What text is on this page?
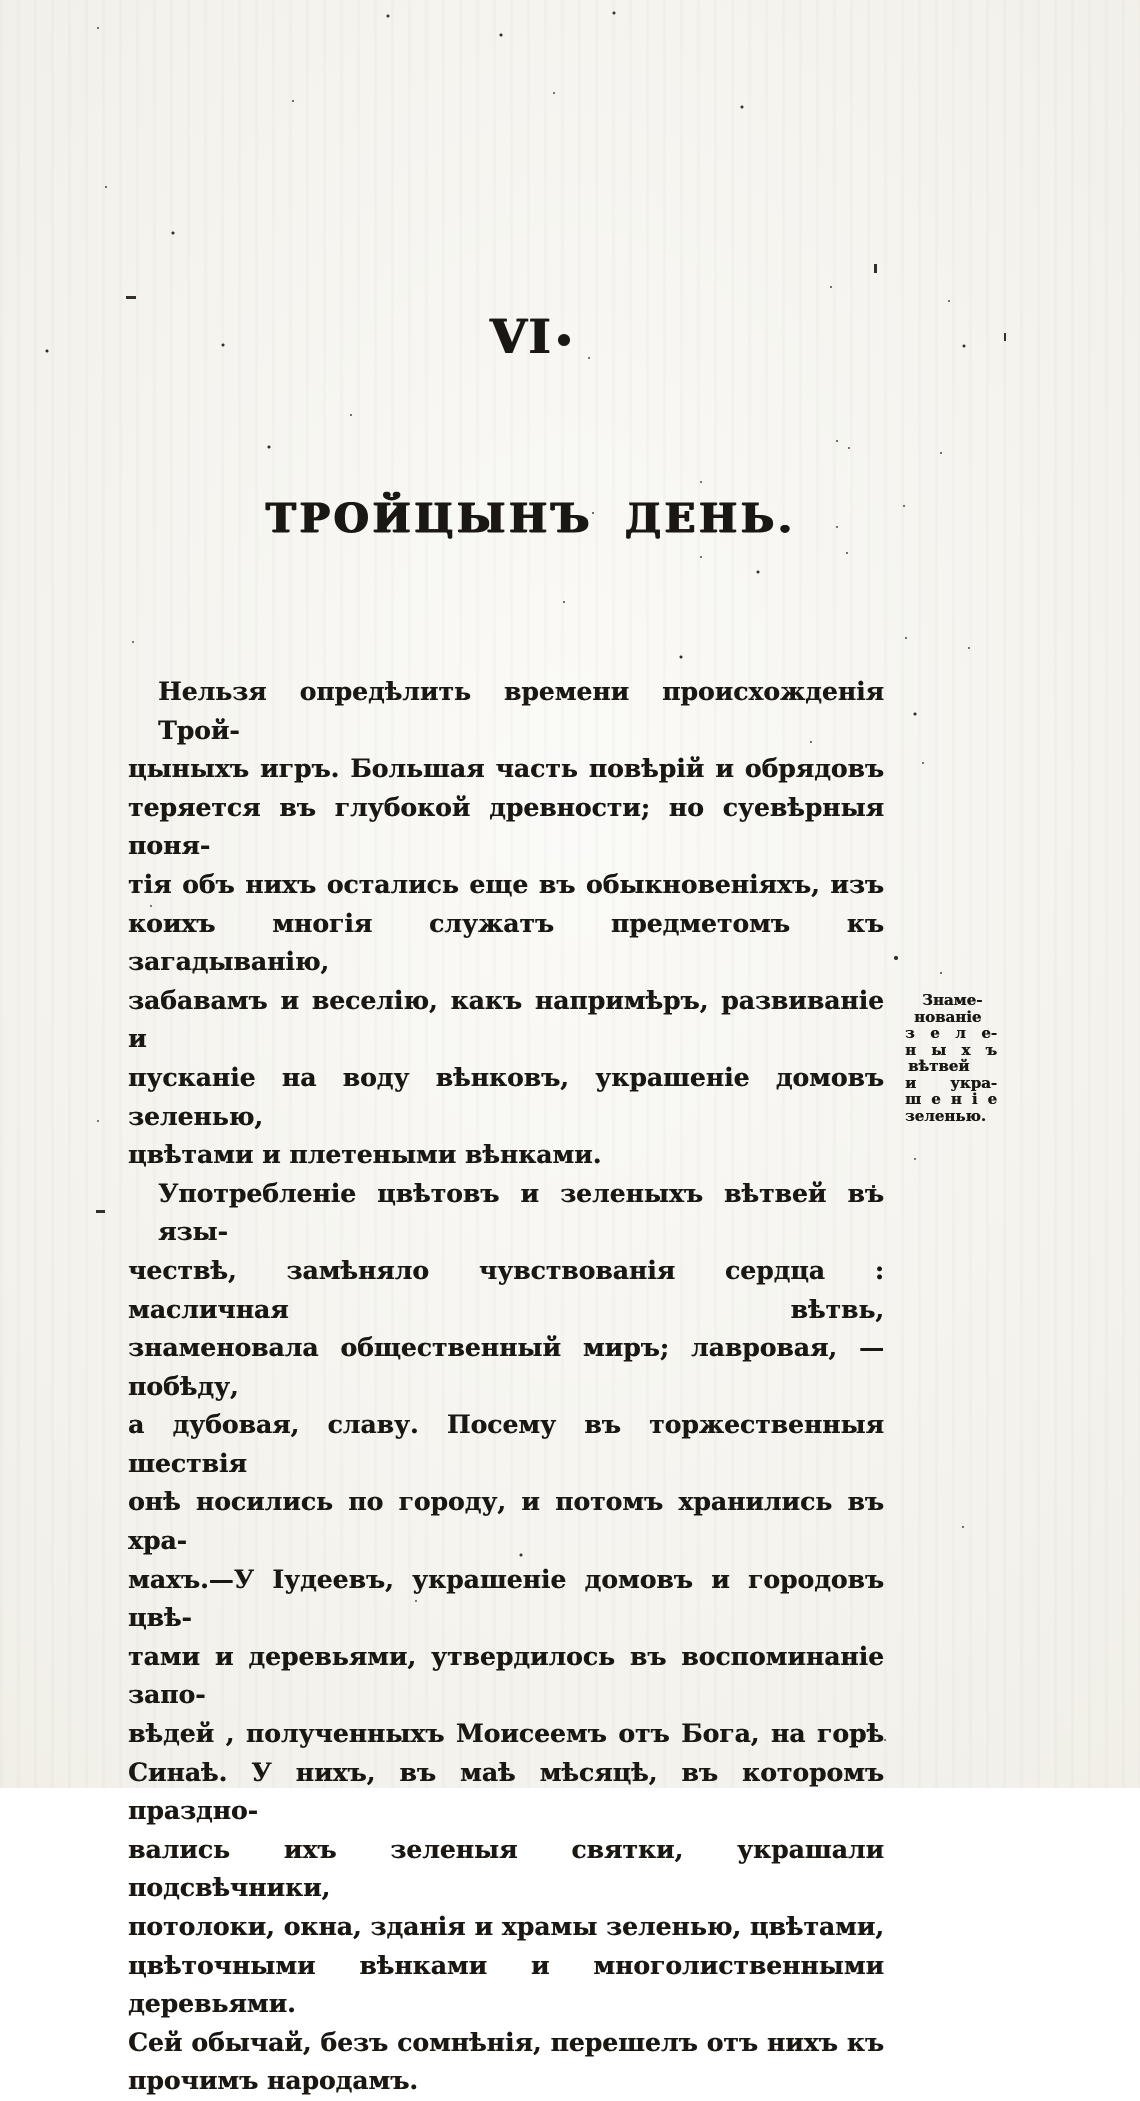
VI
ТРОЙЦЫНЪ ДЕНЬ.
Нельзя опредѣлить времени происхожденія Трой-
цыныхъ игръ. Большая часть повѣрій и обрядовъ
теряется въ глубокой древности; но суевѣрныя поня-
тія объ нихъ остались еще въ обыкновеніяхъ, изъ
коихъ многія служатъ предметомъ къ загадыванію,
забавамъ и веселію, какъ напримѣръ, развиваніе и
пусканіе на воду вѣнковъ, украшеніе домовъ зеленью,
цвѣтами и плетеными вѣнками.
Употребленіе цвѣтовъ и зеленыхъ вѣтвей въ язы-
чествѣ, замѣняло чувствованія сердца : масличная вѣтвь,
знаменовала общественный миръ; лавровая, — побѣду,
а дубовая, славу. Посему въ торжественныя шествія
онѣ носились по городу, и потомъ хранились въ хра-
махъ.—У Іудеевъ, украшеніе домовъ и городовъ цвѣ-
тами и деревьями, утвердилось въ воспоминаніе запо-
вѣдей , полученныхъ Моисеемъ отъ Бога, на горѣ
Синаѣ. У нихъ, въ маѣ мѣсяцѣ, въ которомъ праздно-
вались ихъ зеленыя святки, украшали подсвѣчники,
потолоки, окна, зданія и храмы зеленью, цвѣтами,
цвѣточными вѣнками и многолиственными деревьями.
Сей обычай, безъ сомнѣнія, перешелъ отъ нихъ къ
прочимъ народамъ.
Знаме-
нованіе
з е л е-
н ы х ъ
вѣтвей
и укра-
ш е н і е
зеленью.
